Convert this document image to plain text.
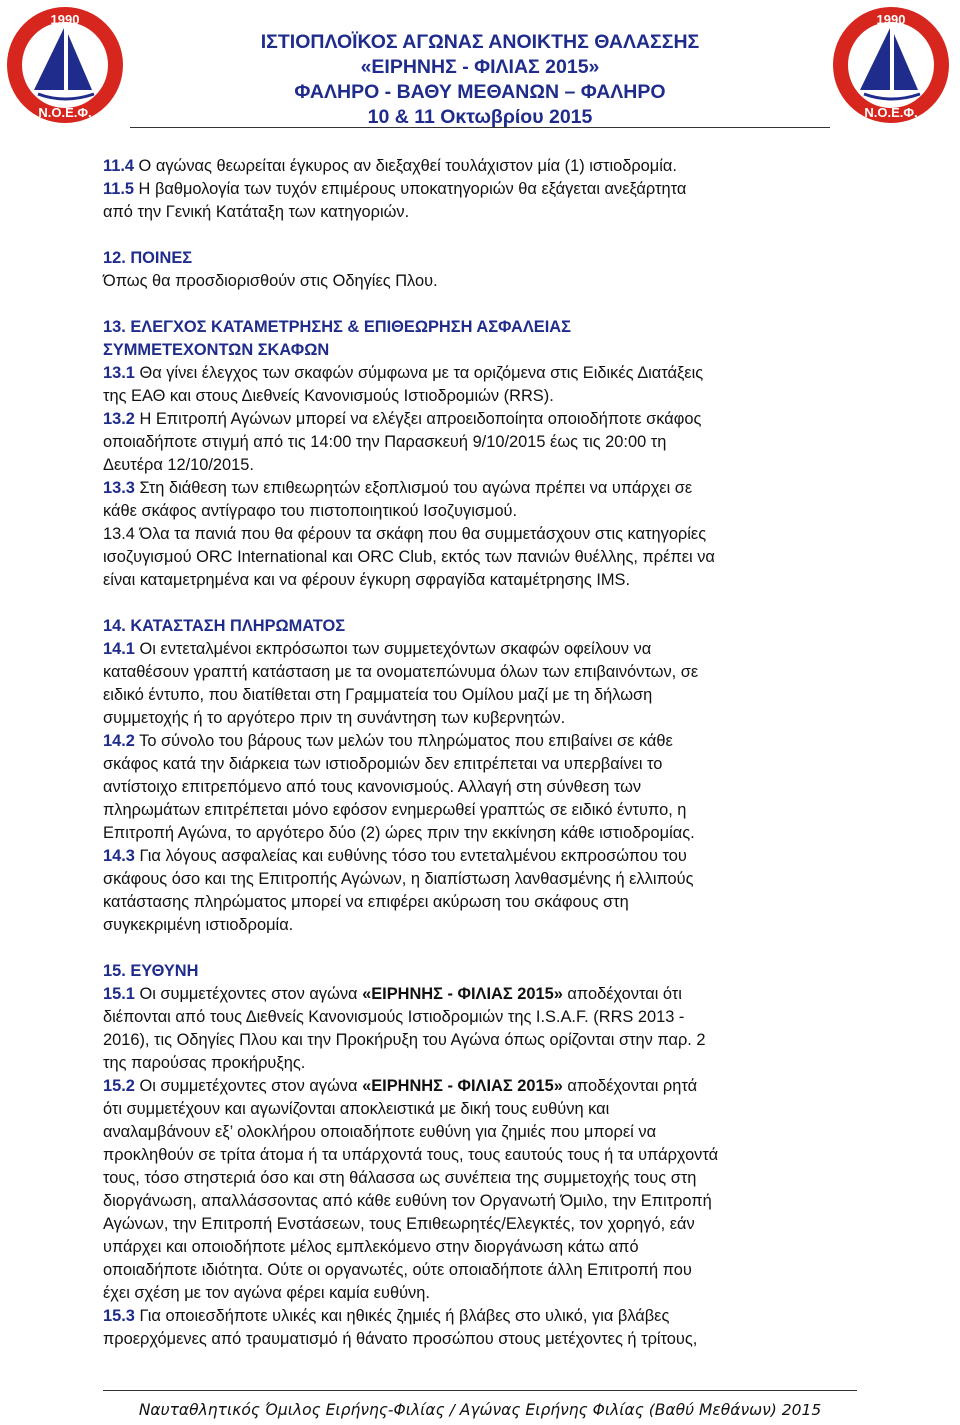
1990
Ν.Ο.Ε.Φ.
1990
Ν.Ο.Ε.Φ.
ΙΣΤΙΟΠΛΟΪΚΟΣ ΑΓΩΝΑΣ ΑΝΟΙΚΤΗΣ ΘΑΛΑΣΣΗΣ
«ΕΙΡΗΝΗΣ - ΦΙΛΙΑΣ 2015»
ΦΑΛΗΡΟ - ΒΑΘΥ ΜΕΘΑΝΩΝ – ΦΑΛΗΡΟ
10 & 11 Οκτωβρίου 2015

11.4 Ο αγώνας θεωρείται έγκυρος αν διεξαχθεί τουλάχιστον μία (1) ιστιοδρομία.

11.5 Η βαθμολογία των τυχόν επιμέρους υποκατηγοριών θα εξάγεται ανεξάρτητα

από την Γενική Κατάταξη των κατηγοριών.

12. ΠΟΙΝΕΣ

Όπως θα προσδιορισθούν στις Οδηγίες Πλου.

13. ΕΛΕΓΧΟΣ ΚΑΤΑΜΕΤΡΗΣΗΣ & ΕΠΙΘΕΩΡΗΣΗ ΑΣΦΑΛΕΙΑΣ

ΣΥΜΜΕΤΕΧΟΝΤΩΝ ΣΚΑΦΩΝ

13.1 Θα γίνει έλεγχος των σκαφών σύμφωνα με τα οριζόμενα στις Ειδικές Διατάξεις

της ΕΑΘ και στους Διεθνείς Κανονισμούς Ιστιοδρομιών (RRS).

13.2 Η Επιτροπή Αγώνων μπορεί να ελέγξει απροειδοποίητα οποιοδήποτε σκάφος

οποιαδήποτε στιγμή από τις 14:00 την Παρασκευή 9/10/2015 έως τις 20:00 τη

Δευτέρα 12/10/2015.

13.3 Στη διάθεση των επιθεωρητών εξοπλισμού του αγώνα πρέπει να υπάρχει σε

κάθε σκάφος αντίγραφο του πιστοποιητικού Ισοζυγισμού.

13.4 Όλα τα πανιά που θα φέρουν τα σκάφη που θα συμμετάσχουν στις κατηγορίες

ισοζυγισμού ORC International και ORC Club, εκτός των πανιών θυέλλης, πρέπει να

είναι καταμετρημένα και να φέρουν έγκυρη σφραγίδα καταμέτρησης IMS.

14. ΚΑΤΑΣΤΑΣΗ ΠΛΗΡΩΜΑΤΟΣ

14.1 Οι εντεταλμένοι εκπρόσωποι των συμμετεχόντων σκαφών οφείλουν να

καταθέσουν γραπτή κατάσταση με τα ονοματεπώνυμα όλων των επιβαινόντων, σε

ειδικό έντυπο, που διατίθεται στη Γραμματεία του Ομίλου μαζί με τη δήλωση

συμμετοχής ή το αργότερο πριν τη συνάντηση των κυβερνητών.

14.2 Το σύνολο του βάρους των μελών του πληρώματος που επιβαίνει σε κάθε

σκάφος κατά την διάρκεια των ιστιοδρομιών δεν επιτρέπεται να υπερβαίνει το

αντίστοιχο επιτρεπόμενο από τους κανονισμούς. Αλλαγή στη σύνθεση των

πληρωμάτων επιτρέπεται μόνο εφόσον ενημερωθεί γραπτώς σε ειδικό έντυπο, η

Επιτροπή Αγώνα, το αργότερο δύο (2) ώρες πριν την εκκίνηση κάθε ιστιοδρομίας.

14.3 Για λόγους ασφαλείας και ευθύνης τόσο του εντεταλμένου εκπροσώπου του

σκάφους όσο και της Επιτροπής Αγώνων, η διαπίστωση λανθασμένης ή ελλιπούς

κατάστασης πληρώματος μπορεί να επιφέρει ακύρωση του σκάφους στη

συγκεκριμένη ιστιοδρομία.

15. ΕΥΘΥΝΗ

15.1 Οι συμμετέχοντες στον αγώνα «ΕΙΡΗΝΗΣ - ΦΙΛΙΑΣ 2015» αποδέχονται ότι

διέπονται από τους Διεθνείς Κανονισμούς Ιστιοδρομιών της I.S.A.F. (RRS 2013 -

2016), τις Οδηγίες Πλου και την Προκήρυξη του Αγώνα όπως ορίζονται στην παρ. 2

της παρούσας προκήρυξης.

15.2 Οι συμμετέχοντες στον αγώνα «ΕΙΡΗΝΗΣ - ΦΙΛΙΑΣ 2015» αποδέχονται ρητά

ότι συμμετέχουν και αγωνίζονται αποκλειστικά με δική τους ευθύνη και

αναλαμβάνουν εξ’ ολοκλήρου οποιαδήποτε ευθύνη για ζημιές που μπορεί να

προκληθούν σε τρίτα άτομα ή τα υπάρχοντά τους, τους εαυτούς τους ή τα υπάρχοντά

τους, τόσο στηστεριά όσο και στη θάλασσα ως συνέπεια της συμμετοχής τους στη

διοργάνωση, απαλλάσσοντας από κάθε ευθύνη τον Οργανωτή Όμιλο, την Επιτροπή

Αγώνων, την Επιτροπή Ενστάσεων, τους Επιθεωρητές/Ελεγκτές, τον χορηγό, εάν

υπάρχει και οποιοδήποτε μέλος εμπλεκόμενο στην διοργάνωση κάτω από

οποιαδήποτε ιδιότητα. Ούτε οι οργανωτές, ούτε οποιαδήποτε άλλη Επιτροπή που

έχει σχέση με τον αγώνα φέρει καμία ευθύνη.

15.3 Για οποιεσδήποτε υλικές και ηθικές ζημιές ή βλάβες στο υλικό, για βλάβες

προερχόμενες από τραυματισμό ή θάνατο προσώπου στους μετέχοντες ή τρίτους,

Ναυταθλητικός Όμιλος Ειρήνης-Φιλίας / Αγώνας Ειρήνης Φιλίας (Βαθύ Μεθάνων) 2015
